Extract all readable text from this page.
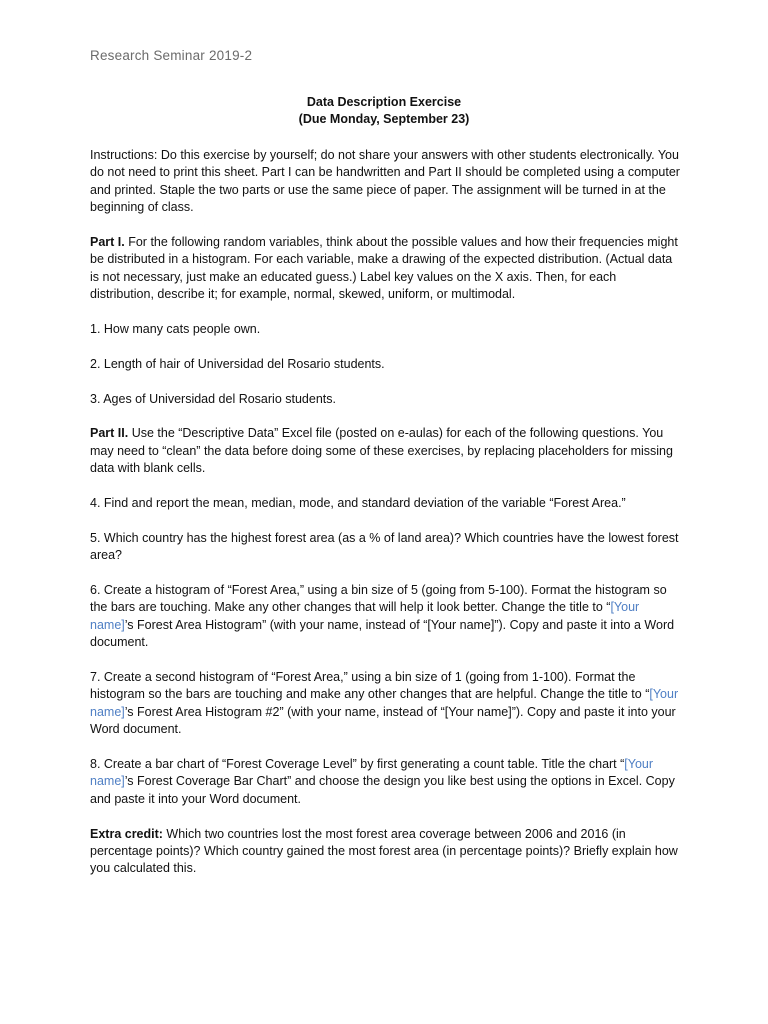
Research Seminar 2019-2
Data Description Exercise
(Due Monday, September 23)

Instructions: Do this exercise by yourself; do not share your answers with other students electronically. You do not need to print this sheet. Part I can be handwritten and Part II should be completed using a computer and printed. Staple the two parts or use the same piece of paper. The assignment will be turned in at the beginning of class.

Part I. For the following random variables, think about the possible values and how their frequencies might be distributed in a histogram. For each variable, make a drawing of the expected distribution. (Actual data is not necessary, just make an educated guess.) Label key values on the X axis. Then, for each distribution, describe it; for example, normal, skewed, uniform, or multimodal.

1. How many cats people own.

2. Length of hair of Universidad del Rosario students.

3. Ages of Universidad del Rosario students.

Part II. Use the “Descriptive Data” Excel file (posted on e-aulas) for each of the following questions. You may need to “clean” the data before doing some of these exercises, by replacing placeholders for missing data with blank cells.

4. Find and report the mean, median, mode, and standard deviation of the variable “Forest Area.”

5. Which country has the highest forest area (as a % of land area)? Which countries have the lowest forest area?

6. Create a histogram of “Forest Area,” using a bin size of 5 (going from 5-100). Format the histogram so the bars are touching. Make any other changes that will help it look better. Change the title to “[Your name]’s Forest Area Histogram” (with your name, instead of “[Your name]”). Copy and paste it into a Word document.

7. Create a second histogram of “Forest Area,” using a bin size of 1 (going from 1-100). Format the histogram so the bars are touching and make any other changes that are helpful. Change the title to “[Your name]’s Forest Area Histogram #2” (with your name, instead of “[Your name]”). Copy and paste it into your Word document.

8. Create a bar chart of “Forest Coverage Level” by first generating a count table. Title the chart “[Your name]’s Forest Coverage Bar Chart” and choose the design you like best using the options in Excel. Copy and paste it into your Word document.

Extra credit: Which two countries lost the most forest area coverage between 2006 and 2016 (in percentage points)? Which country gained the most forest area (in percentage points)? Briefly explain how you calculated this.
